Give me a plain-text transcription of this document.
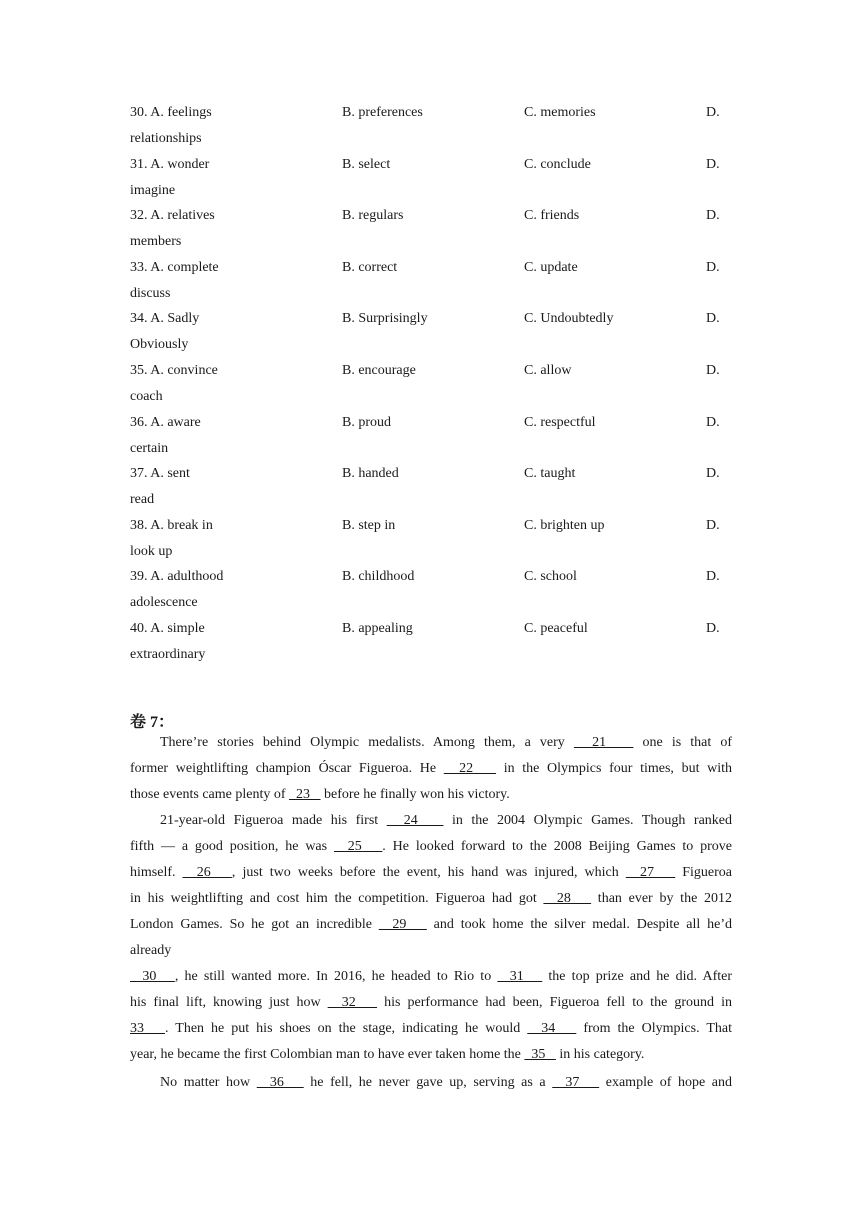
30. A. feelings	B. preferences	C. memories	D.
relationships
31. A. wonder	B. select	C. conclude	D.
imagine
32. A. relatives	B. regulars	C. friends	D.
members
33. A. complete	B. correct	C. update	D.
discuss
34. A. Sadly	B. Surprisingly	C. Undoubtedly	D.
Obviously
35. A. convince	B. encourage	C. allow	D.
coach
36. A. aware	B. proud	C. respectful	D.
certain
37. A. sent	B. handed	C. taught	D.
read
38. A. break in	B. step in	C. brighten up	D.
look up
39. A. adulthood	B. childhood	C. school	D.
adolescence
40. A. simple	B. appealing	C. peaceful	D.
extraordinary
卷 7：
There’re stories behind Olympic medalists. Among them, a very   21    one is that of
former weightlifting champion Óscar Figueroa. He   22    in the Olympics four times, but with
those events came plenty of   23    before he finally won his victory.
21-year-old Figueroa made his first   24    in the 2004 Olympic Games. Though ranked
fifth — a good position, he was   25   . He looked forward to the 2008 Beijing Games to prove
himself.   26   , just two weeks before the event, his hand was injured, which   27    Figueroa
in his weightlifting and cost him the competition. Figueroa had got   28    than ever by the 2012
London Games. So he got an incredible   29    and took home the silver medal. Despite all he’d
already
30   , he still wanted more. In 2016, he headed to Rio to   31    the top prize and he did. After
his final lift, knowing just how   32    his performance had been, Figueroa fell to the ground in
33   . Then he put his shoes on the stage, indicating he would   34    from the Olympics. That
year, he became the first Colombian man to have ever taken home the   35    in his category.
No matter how   36    he fell, he never gave up, serving as a   37    example of hope and
